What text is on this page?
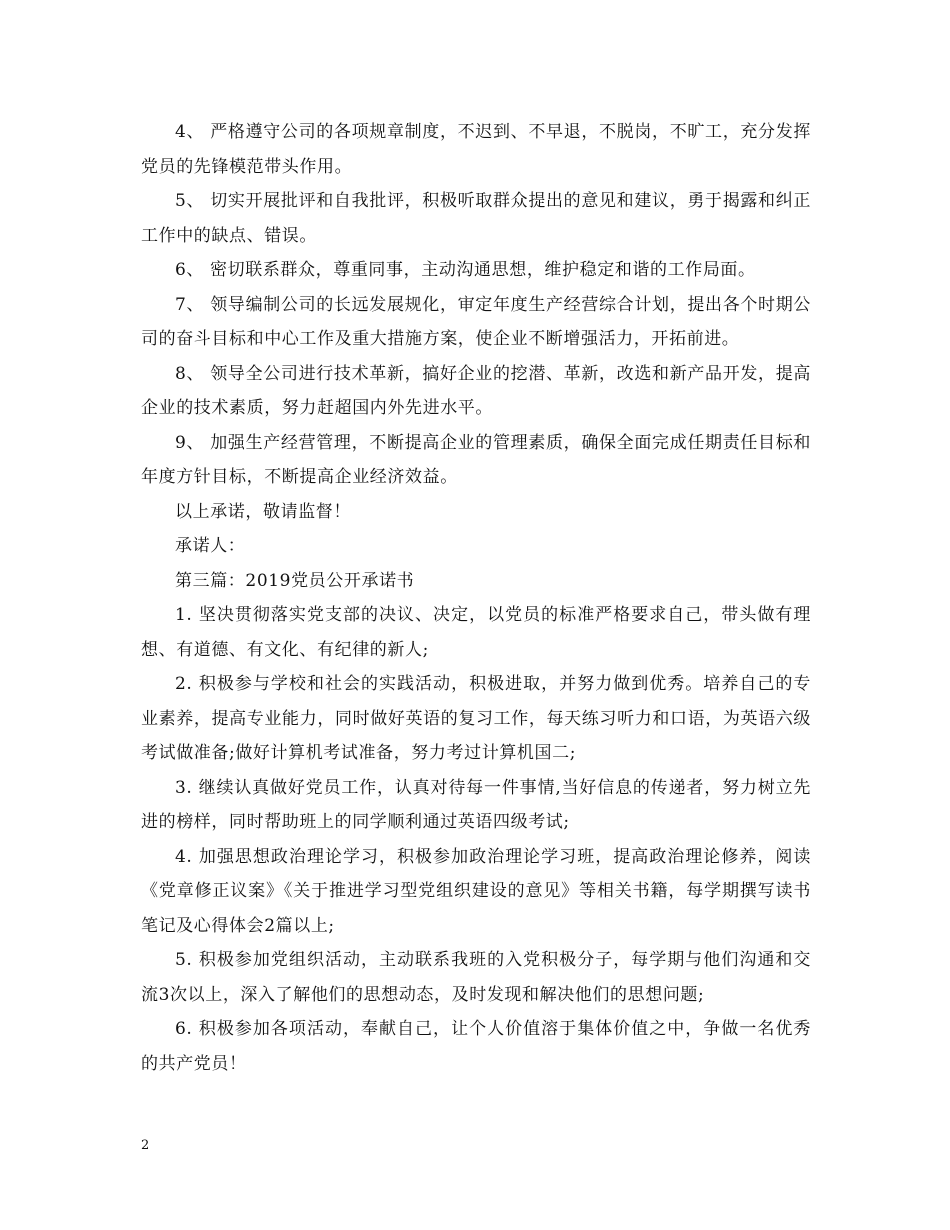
4、 严格遵守公司的各项规章制度，不迟到、不早退，不脱岗，不旷工，充分发挥党员的先锋模范带头作用。

5、 切实开展批评和自我批评，积极听取群众提出的意见和建议，勇于揭露和纠正工作中的缺点、错误。

6、 密切联系群众，尊重同事，主动沟通思想，维护稳定和谐的工作局面。

7、 领导编制公司的长远发展规化，审定年度生产经营综合计划，提出各个时期公司的奋斗目标和中心工作及重大措施方案，使企业不断增强活力，开拓前进。

8、 领导全公司进行技术革新，搞好企业的挖潜、革新，改选和新产品开发，提高企业的技术素质，努力赶超国内外先进水平。

9、 加强生产经营管理，不断提高企业的管理素质，确保全面完成任期责任目标和年度方针目标，不断提高企业经济效益。

以上承诺，敬请监督！

承诺人：

第三篇：2019党员公开承诺书

1. 坚决贯彻落实党支部的决议、决定，以党员的标准严格要求自己，带头做有理想、有道德、有文化、有纪律的新人;

2. 积极参与学校和社会的实践活动，积极进取，并努力做到优秀。培养自己的专业素养，提高专业能力，同时做好英语的复习工作，每天练习听力和口语，为英语六级考试做准备;做好计算机考试准备，努力考过计算机国二;

3. 继续认真做好党员工作，认真对待每一件事情,当好信息的传递者，努力树立先进的榜样，同时帮助班上的同学顺利通过英语四级考试;

4. 加强思想政治理论学习，积极参加政治理论学习班，提高政治理论修养，阅读《党章修正议案》《关于推进学习型党组织建设的意见》等相关书籍，每学期撰写读书笔记及心得体会2篇以上;

5. 积极参加党组织活动，主动联系我班的入党积极分子，每学期与他们沟通和交流3次以上，深入了解他们的思想动态，及时发现和解决他们的思想问题;

6. 积极参加各项活动，奉献自己，让个人价值溶于集体价值之中，争做一名优秀的共产党员！

2
